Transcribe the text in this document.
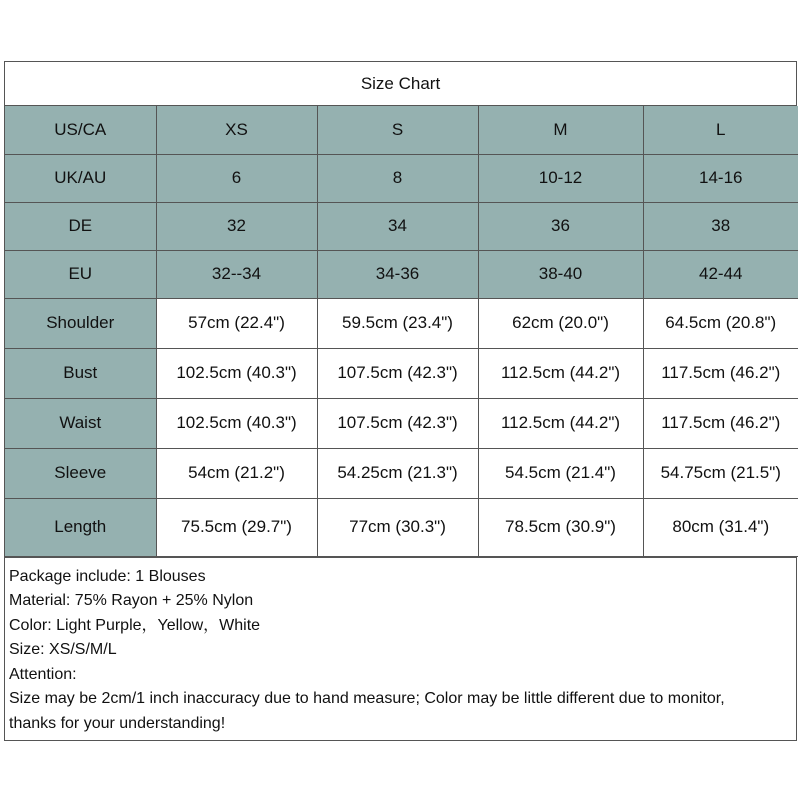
Size Chart
US/CA	XS	S	M	L
UK/AU	6	8	10-12	14-16
DE	32	34	36	38
EU	32--34	34-36	38-40	42-44
Shoulder	57cm (22.4")	59.5cm (23.4")	62cm (20.0")	64.5cm (20.8")
Bust	102.5cm (40.3")	107.5cm (42.3")	112.5cm (44.2")	117.5cm (46.2")
Waist	102.5cm (40.3")	107.5cm (42.3")	112.5cm (44.2")	117.5cm (46.2")
Sleeve	54cm (21.2")	54.25cm (21.3")	54.5cm (21.4")	54.75cm (21.5")
Length	75.5cm (29.7")	77cm (30.3")	78.5cm (30.9")	80cm (31.4")
Package include: 1 Blouses
Material: 75% Rayon + 25% Nylon
Color: Light Purple，Yellow，White
Size: XS/S/M/L
Attention:
Size may be 2cm/1 inch inaccuracy due to hand measure; Color may be little different due to monitor,
thanks for your understanding!
